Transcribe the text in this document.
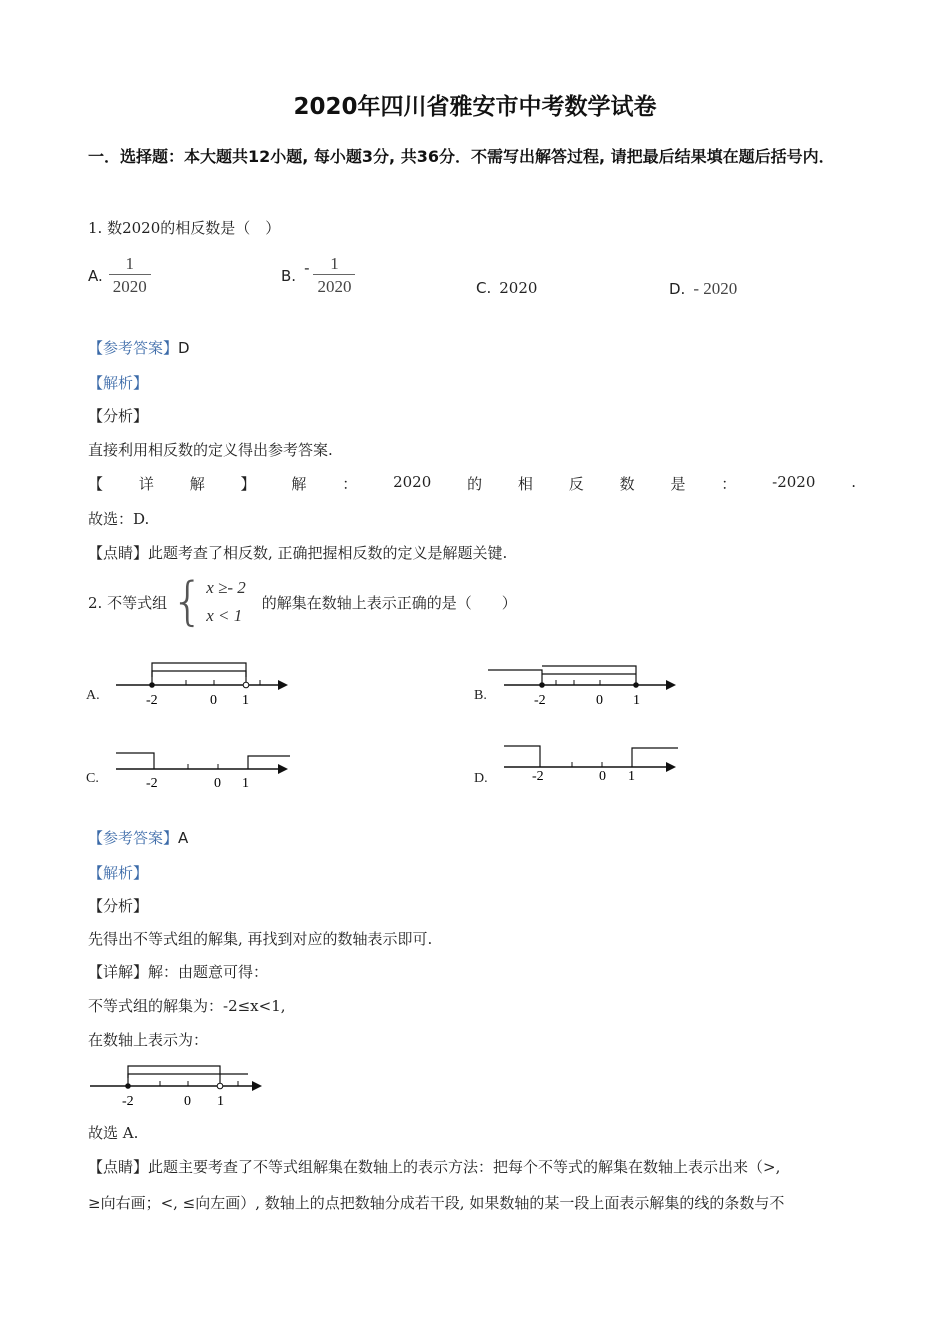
2020年四川省雅安市中考数学试卷
一．选择题：本大题共12小题, 每小题3分, 共36分．不需写出解答过程, 请把最后结果填在题后括号内．
1. 数2020的相反数是（　）
A. $\frac{1}{2020}$	B. - $\frac{1}{2020}$	C. 2020	D. - 2020
【参考答案】D
【解析】
【分析】
直接利用相反数的定义得出参考答案.
【 详 解 】 解 ： 2020 的 相 反 数 是 ： -2020 .
故选：D.
【点睛】此题考查了相反数, 正确把握相反数的定义是解题关键.
2. 不等式组 { x ≥- 2
x < 1
的解集在数轴上表示正确的是（　　）
A.	-2	0 1	B.	-2	0 1
C.	-2	0 1	D.	-2	0 1
【参考答案】A
【解析】
【分析】
先得出不等式组的解集, 再找到对应的数轴表示即可.
【详解】解：由题意可得：
不等式组的解集为：-2≤x<1,
在数轴上表示为：
-2	0 1
故选 A.
【点睛】此题主要考查了不等式组解集在数轴上的表示方法：把每个不等式的解集在数轴上表示出来（>,
≥向右画；<, ≤向左画）, 数轴上的点把数轴分成若干段, 如果数轴的某一段上面表示解集的线的条数与不
